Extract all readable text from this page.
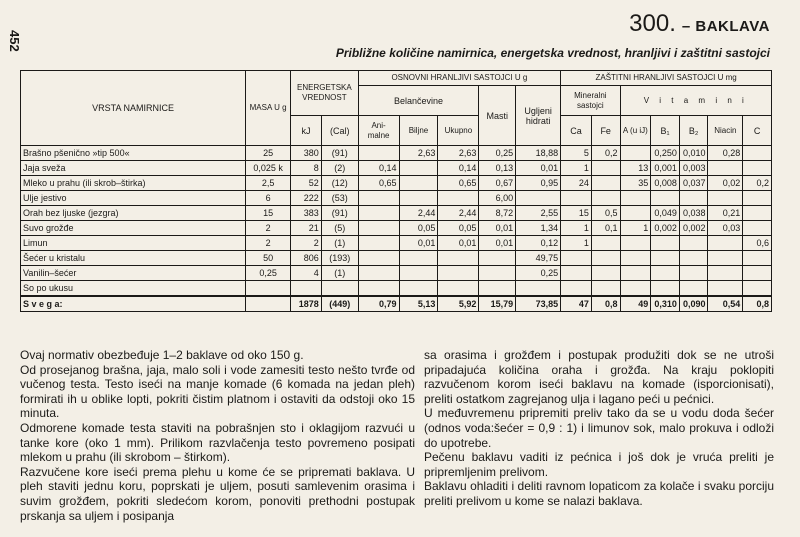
452
300. – BAKLAVA
Približne količine namirnica, energetska vrednost, hranljivi i zaštitni sastojci
VRSTA NAMIRNICE	MASA U g	ENERGETSKA VREDNOST		OSNOVNI HRANLJIVI SASTOJCI U g					ZAŠTITNI HRANLJIVI SASTOJCI U mg						
				Belančevine			Masti	Ugljeni hidrati	Mineralni sastojci		V i t a m i n i				
		kJ	(Cal)	Ani- malne	Biljne	Ukupno			Ca	Fe	A (u iJ)	B₁	B₂	Niacin	C
Brašno pšenično »tip 500«	25	380	(91)		2,63	2,63	0,25	18,88	5	0,2		0,250	0,010	0,28	
Jaja sveža	0,025 k	8	(2)	0,14		0,14	0,13	0,01	1		13	0,001	0,003		
Mleko u prahu (ili skrob–štirka)	2,5	52	(12)	0,65		0,65	0,67	0,95	24		35	0,008	0,037	0,02	0,2
Ulje jestivo	6	222	(53)				6,00								
Orah bez ljuske (jezgra)	15	383	(91)		2,44	2,44	8,72	2,55	15	0,5		0,049	0,038	0,21	
Suvo grožđe	2	21	(5)		0,05	0,05	0,01	1,34	1	0,1	1	0,002	0,002	0,03	
Limun	2	2	(1)		0,01	0,01	0,01	0,12	1						0,6
Šećer u kristalu	50	806	(193)					49,75							
Vanilin–šećer	0,25	4	(1)					0,25							
So po ukusu															
S v e g a:		1878	(449)	0,79	5,13	5,92	15,79	73,85	47	0,8	49	0,310	0,090	0,54	0,8

Ovaj normativ obezbeđuje 1–2 baklave od oko 150 g.

Od prosejanog brašna, jaja, malo soli i vode zamesiti testo nešto tvrđe od vučenog testa. Testo iseći na manje komade (6 komada na jedan pleh) formirati ih u oblike lopti, pokriti čistim platnom i ostaviti da odstoji oko 15 minuta.

Odmorene komade testa staviti na pobrašnjen sto i oklagijom razvući u tanke kore (oko 1 mm). Prilikom razvlačenja testo povremeno posipati mlekom u prahu (ili skrobom – štirkom).

Razvučene kore iseći prema plehu u kome će se pripremati baklava. U pleh staviti jednu koru, poprskati je uljem, posuti samlevenim orasima i suvim grožđem, pokriti sledećom korom, ponoviti prethodni postupak prskanja sa uljem i posipanja

sa orasima i grožđem i postupak produžiti dok se ne utroši pripadajuća količina oraha i grožđa. Na kraju poklopiti razvučenom korom iseći baklavu na komade (isporcionisati), preliti ostatkom zagrejanog ulja i lagano peći u pećnici.

U međuvremenu pripremiti preliv tako da se u vodu doda šećer (odnos voda:šećer = 0,9 : 1) i limunov sok, malo prokuva i odloži do upotrebe.

Pečenu baklavu vaditi iz pećnica i još dok je vruća preliti je pripremljenim prelivom.

Baklavu ohladiti i deliti ravnom lopaticom za kolače i svaku porciju preliti prelivom u kome se nalazi baklava.
